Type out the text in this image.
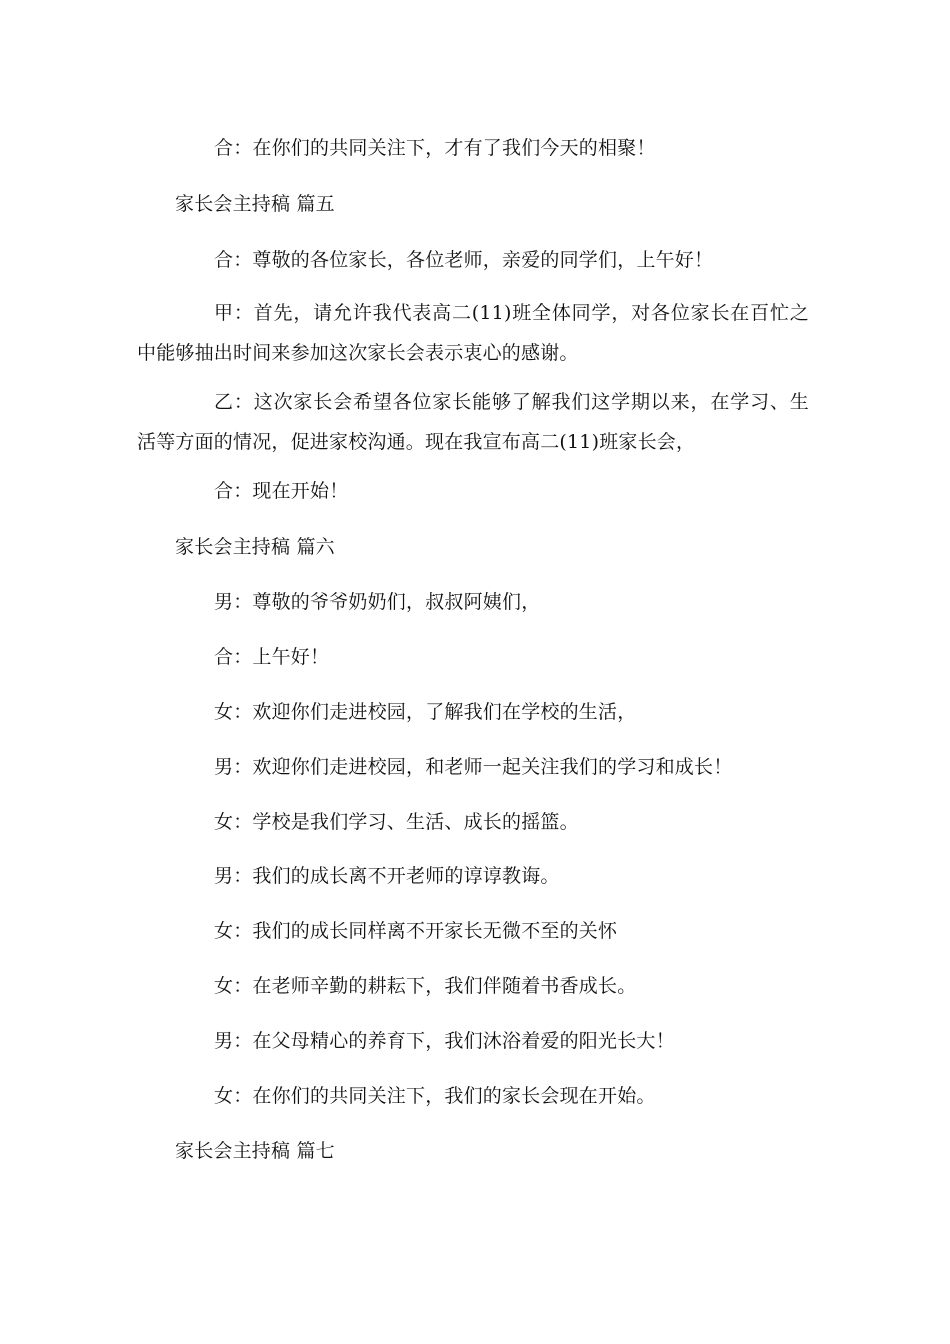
合：在你们的共同关注下，才有了我们今天的相聚！
家长会主持稿 篇五
合：尊敬的各位家长，各位老师，亲爱的同学们，上午好！
甲：首先，请允许我代表高二(11)班全体同学，对各位家长在百忙之中能够抽出时间来参加这次家长会表示衷心的感谢。
乙：这次家长会希望各位家长能够了解我们这学期以来，在学习、生活等方面的情况，促进家校沟通。现在我宣布高二(11)班家长会，
合：现在开始！
家长会主持稿 篇六
男：尊敬的爷爷奶奶们，叔叔阿姨们，
合：上午好！
女：欢迎你们走进校园，了解我们在学校的生活，
男：欢迎你们走进校园，和老师一起关注我们的学习和成长！
女：学校是我们学习、生活、成长的摇篮。
男：我们的成长离不开老师的谆谆教诲。
女：我们的成长同样离不开家长无微不至的关怀
女：在老师辛勤的耕耘下，我们伴随着书香成长。
男：在父母精心的养育下，我们沐浴着爱的阳光长大！
女：在你们的共同关注下，我们的家长会现在开始。
家长会主持稿 篇七
